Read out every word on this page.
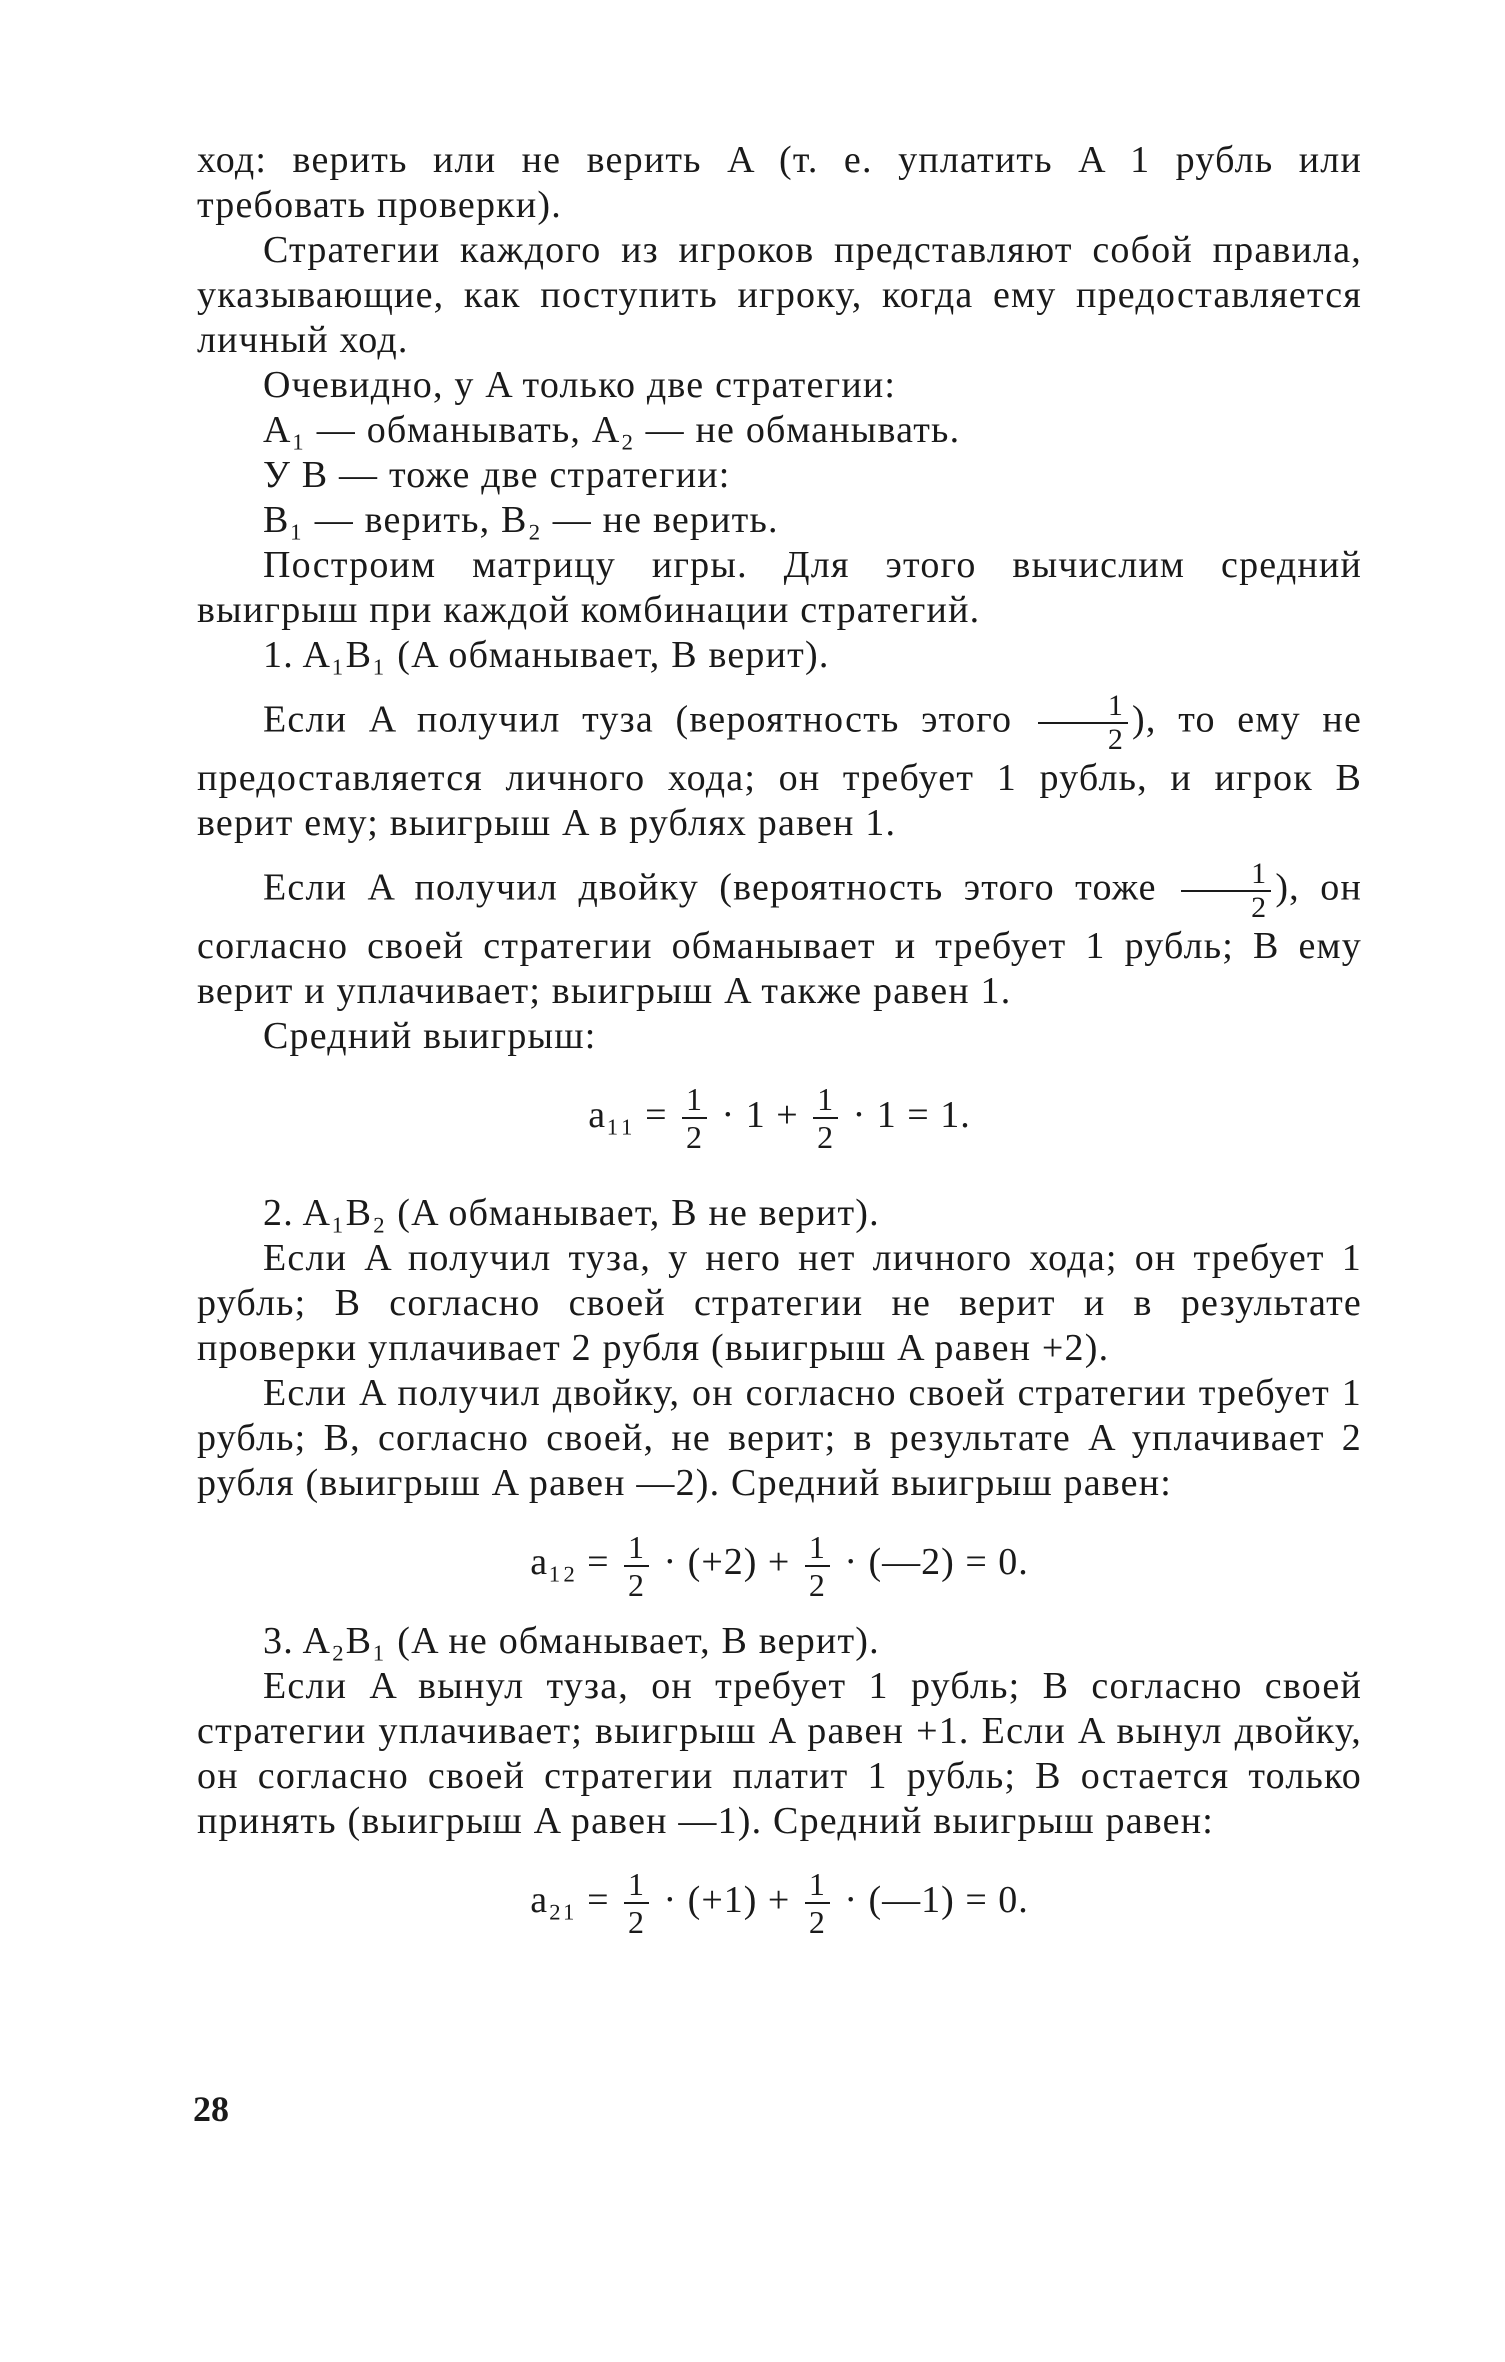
ход: верить или не верить A (т. е. уплатить A 1 рубль или требовать проверки).

Стратегии каждого из игроков представляют собой правила, указывающие, как поступить игроку, когда ему предоставляется личный ход.

Очевидно, у A только две стратегии:

A₁ — обманывать, A₂ — не обманывать.

У B — тоже две стратегии:

B₁ — верить, B₂ — не верить.

Построим матрицу игры. Для этого вычислим средний выигрыш при каждой комбинации стратегий.

1. A₁B₁ (A обманывает, B верит).

Если A получил туза (вероятность этого $\frac{1}{2}$ ), то ему не предоставляется личного хода; он требует 1 рубль, и игрок B верит ему; выигрыш A в рублях равен 1.

Если A получил двойку (вероятность этого тоже $\frac{1}{2}$ ), он согласно своей стратегии обманывает и требует 1 рубль; B ему верит и уплачивает; выигрыш A также равен 1.

Средний выигрыш:

$a_{11} = \frac{1}{2} \cdot 1 + \frac{1}{2} \cdot 1 = 1$.

2. A₁B₂ (A обманывает, B не верит).

Если A получил туза, у него нет личного хода; он требует 1 рубль; B согласно своей стратегии не верит и в результате проверки уплачивает 2 рубля (выигрыш A равен +2).

Если A получил двойку, он согласно своей стратегии требует 1 рубль; B, согласно своей, не верит; в результате A уплачивает 2 рубля (выигрыш A равен —2). Средний выигрыш равен:

$a_{12} = \frac{1}{2} \cdot (+2) + \frac{1}{2}$ · (—2) = 0.

3. A₂B₁ (A не обманывает, B верит).

Если A вынул туза, он требует 1 рубль; B согласно своей стратегии уплачивает; выигрыш A равен +1. Если A вынул двойку, он согласно своей стратегии платит 1 рубль; B остается только принять (выигрыш A равен —1). Средний выигрыш равен:

$a_{21} = \frac{1}{2} \cdot (+1) + \frac{1}{2}$ · (—1) = 0.
28
